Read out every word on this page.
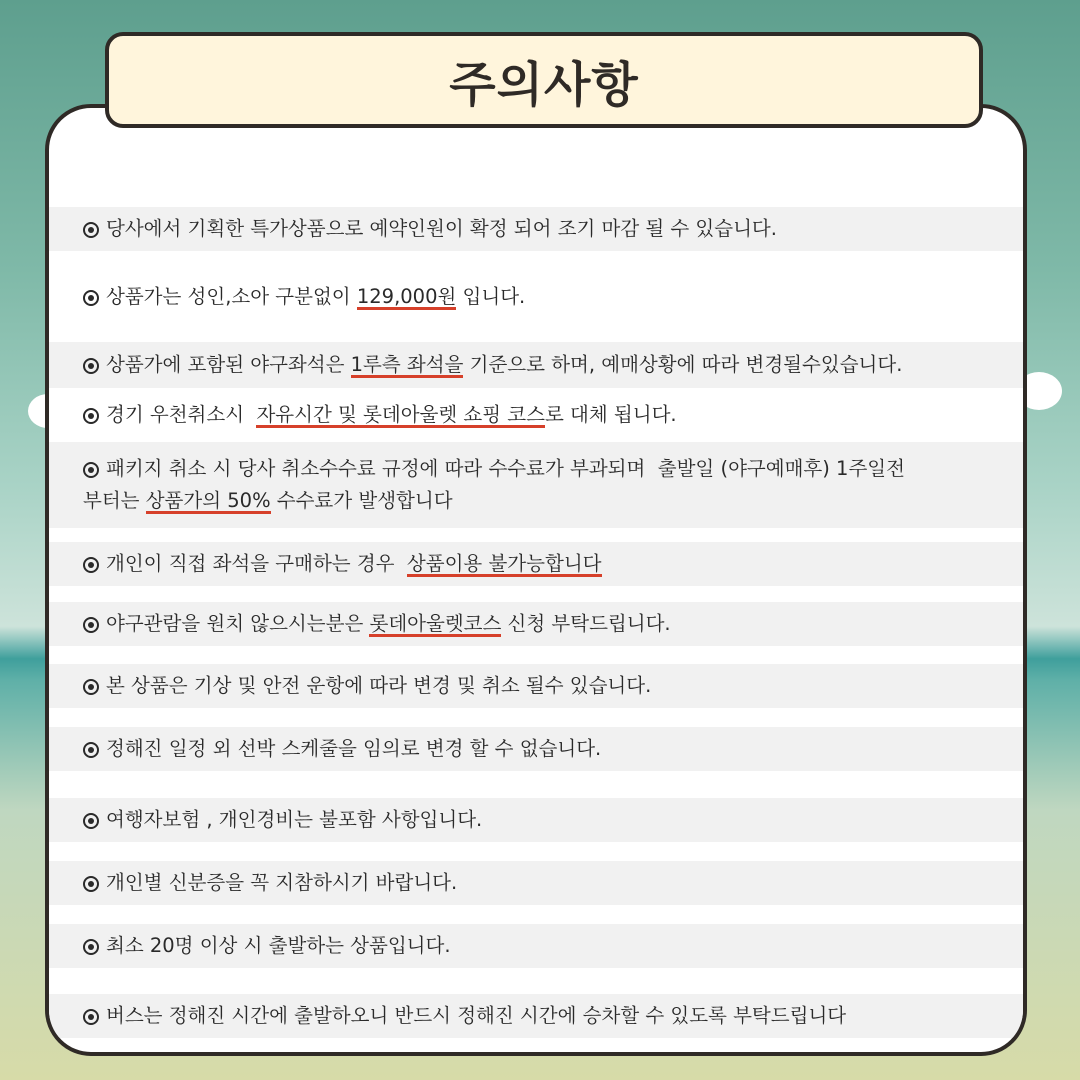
주의사항
당사에서 기획한 특가상품으로 예약인원이 확정 되어 조기 마감 될 수 있습니다.
상품가는 성인,소아 구분없이 129,000원 입니다.
상품가에 포함된 야구좌석은 1루측 좌석을 기준으로 하며, 예매상황에 따라 변경될수있습니다.
경기 우천취소시  자유시간 및 롯데아울렛 쇼핑 코스로 대체 됩니다.
패키지 취소 시 당사 취소수수료 규정에 따라 수수료가 부과되며  출발일 (야구예매후) 1주일전
부터는 상품가의 50% 수수료가 발생합니다
개인이 직접 좌석을 구매하는 경우  상품이용 불가능합니다
야구관람을 원치 않으시는분은 롯데아울렛코스 신청 부탁드립니다.
본 상품은 기상 및 안전 운항에 따라 변경 및 취소 될수 있습니다.
정해진 일정 외 선박 스케줄을 임의로 변경 할 수 없습니다.
여행자보험 , 개인경비는 불포함 사항입니다.
개인별 신분증을 꼭 지참하시기 바랍니다.
최소 20명 이상 시 출발하는 상품입니다.
버스는 정해진 시간에 출발하오니 반드시 정해진 시간에 승차할 수 있도록 부탁드립니다
